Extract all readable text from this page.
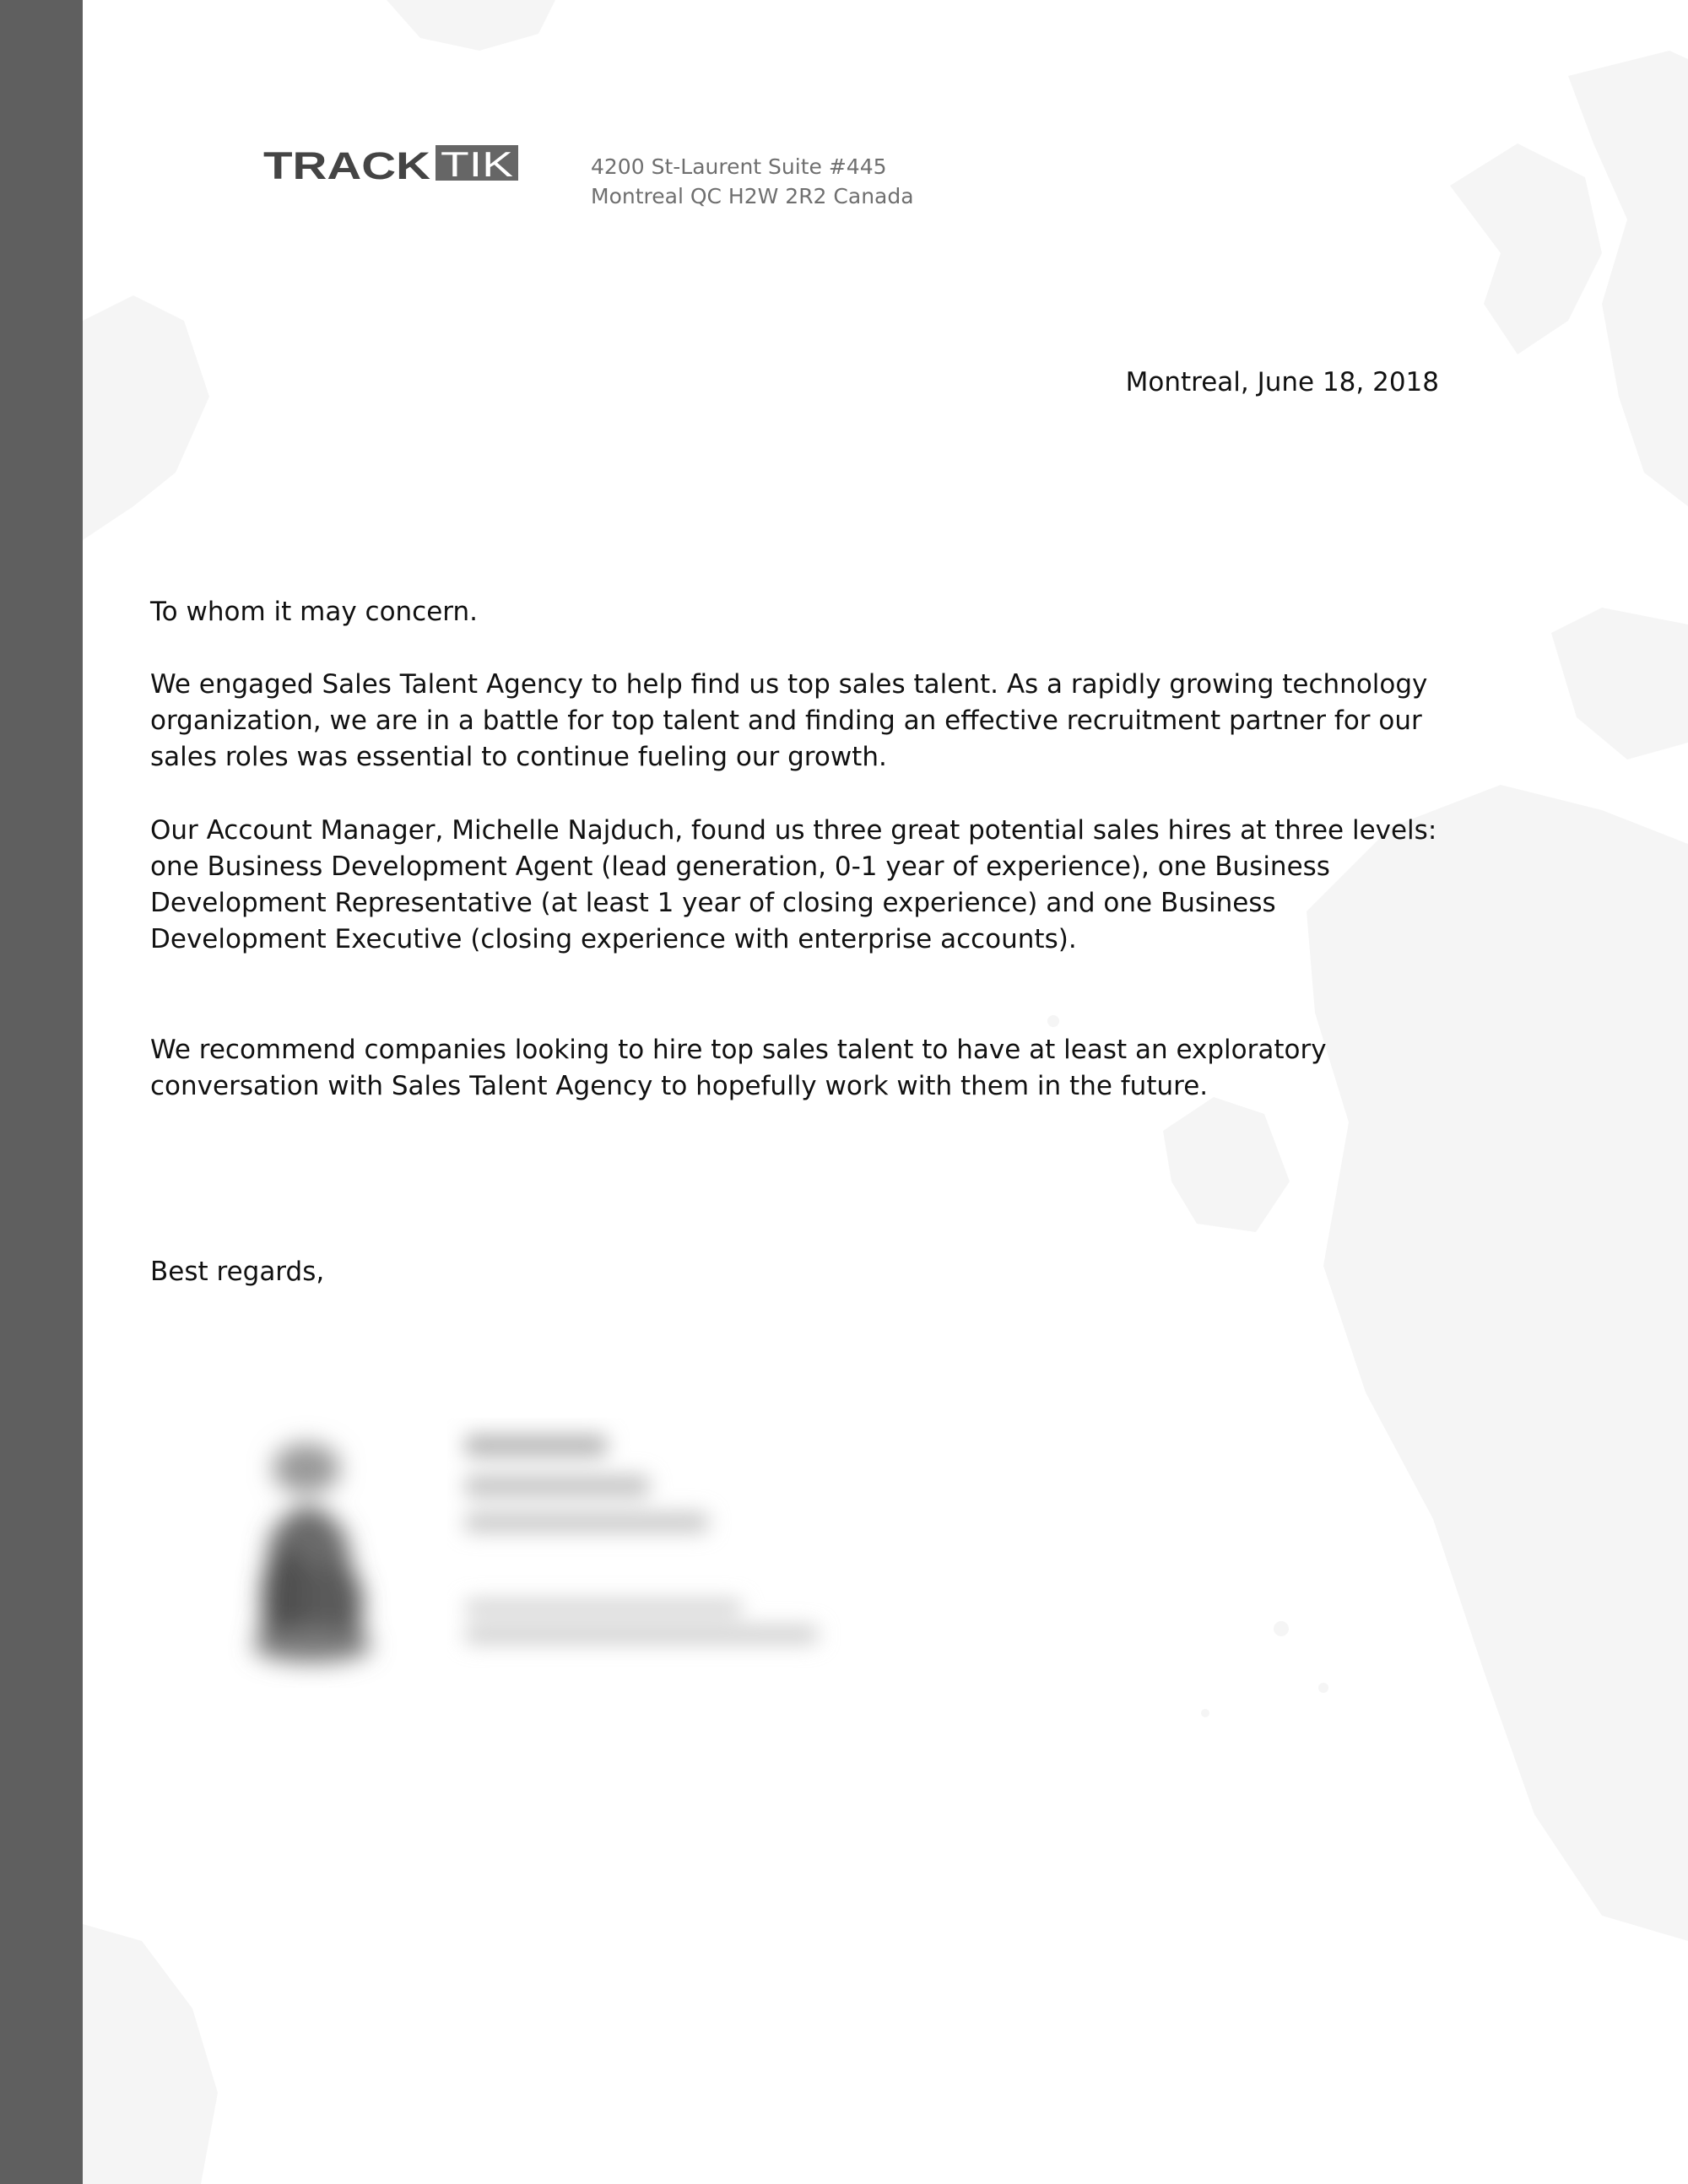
TRACK TIK	4200 St-Laurent Suite #445
Montreal QC H2W 2R2 Canada
Montreal, June 18, 2018

To whom it may concern.

We engaged Sales Talent Agency to help find us top sales talent. As a rapidly growing technology organization, we are in a battle for top talent and finding an effective recruitment partner for our sales roles was essential to continue fueling our growth.

Our Account Manager, Michelle Najduch, found us three great potential sales hires at three levels: one Business Development Agent (lead generation, 0-1 year of experience), one Business Development Representative (at least 1 year of closing experience) and one Business Development Executive (closing experience with enterprise accounts).

We recommend companies looking to hire top sales talent to have at least an exploratory conversation with Sales Talent Agency to hopefully work with them in the future.

Best regards,
